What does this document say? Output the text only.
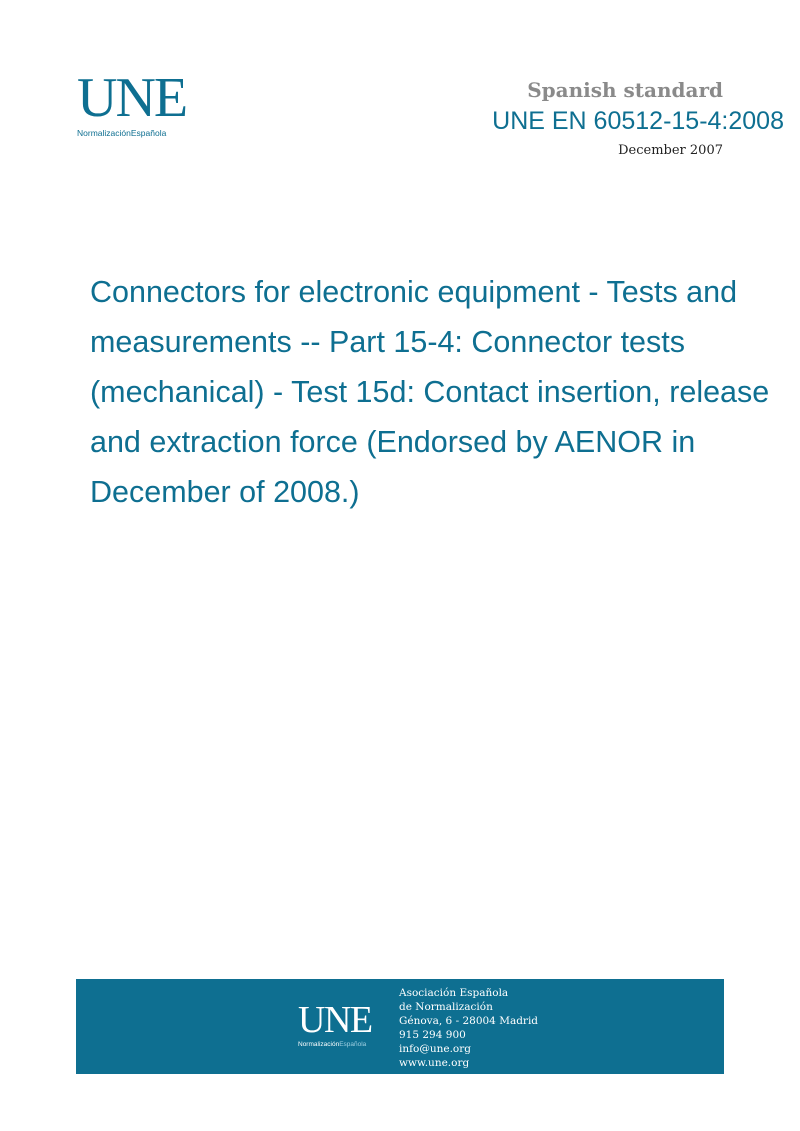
UNE
NormalizaciónEspañola
Spanish standard
UNE EN 60512-15-4:2008
December 2007
Connectors for electronic equipment - Tests and measurements -- Part 15-4: Connector tests (mechanical) - Test 15d: Contact insertion, release and extraction force (Endorsed by AENOR in December of 2008.)
UNE
NormalizaciónEspañola
Asociación Española
de Normalización
Génova, 6 - 28004 Madrid
915 294 900
info@une.org
www.une.org
